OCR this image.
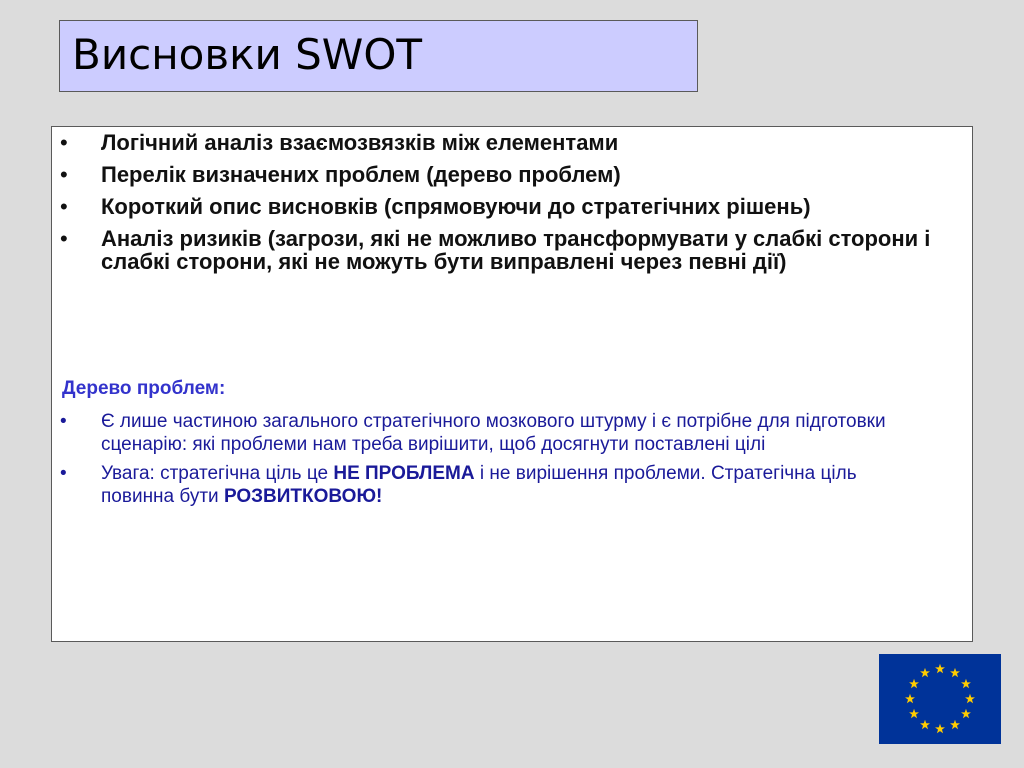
Висновки SWOT
• Логічний аналіз взаємозвязків між елементами
• Перелік визначених проблем (дерево проблем)
• Короткий опис висновків (спрямовуючи до стратегічних рішень)
• Аналіз ризиків (загрози, які не можливо трансформувати у слабкі сторони і слабкі сторони, які не можуть бути виправлені через певні дії)
Дерево проблем:
• Є лише частиною загального стратегічного мозкового штурму і є потрібне для підготовки сценарію: які проблеми нам треба вирішити, щоб досягнути поставлені цілі
• Увага: стратегічна ціль це НЕ ПРОБЛЕМА і не вирішення проблеми. Стратегічна ціль повинна бути РОЗВИТКОВОЮ!
